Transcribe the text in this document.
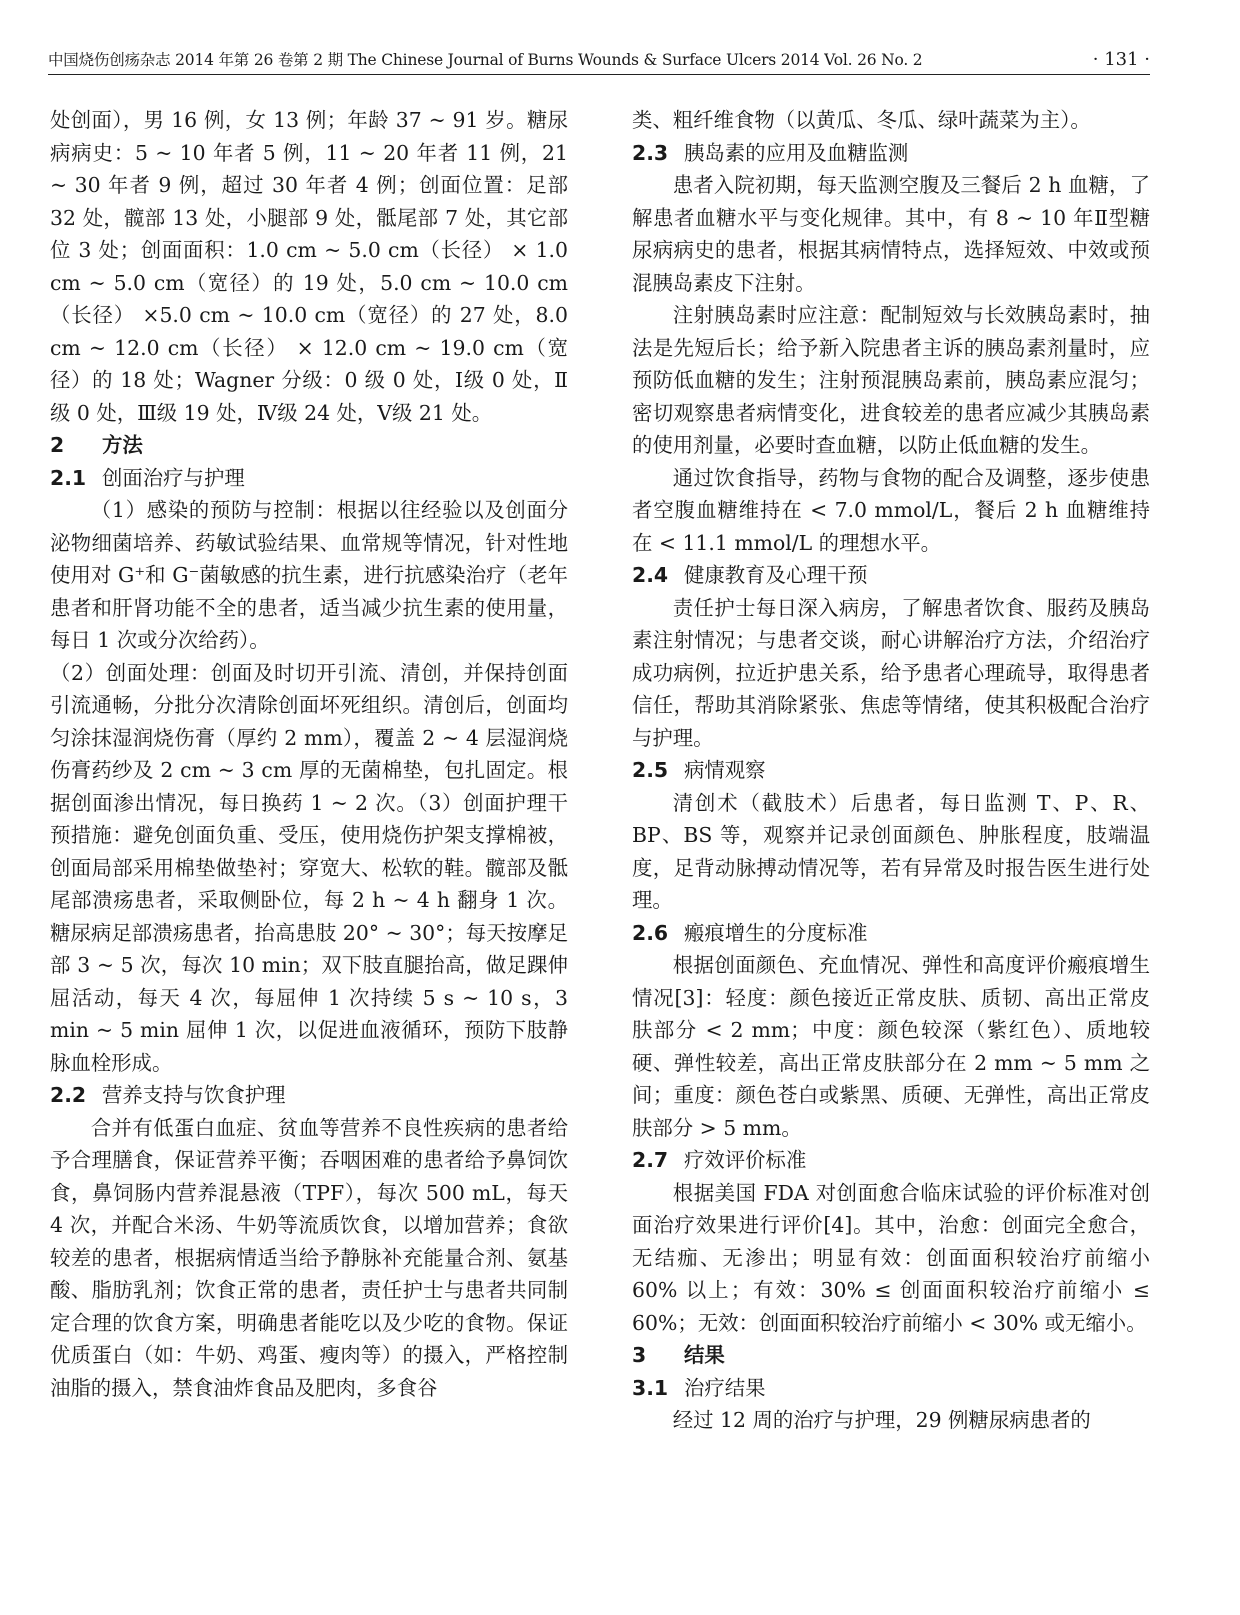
中国烧伤创疡杂志 2014 年第 26 卷第 2 期 The Chinese Journal of Burns Wounds & Surface Ulcers 2014 Vol. 26 No. 2	· 131 ·

处创面），男 16 例，女 13 例；年龄 37 ~ 91 岁。糖尿病病史：5 ~ 10 年者 5 例，11 ~ 20 年者 11 例，21 ~ 30 年者 9 例，超过 30 年者 4 例；创面位置：足部 32 处，髋部 13 处，小腿部 9 处，骶尾部 7 处，其它部位 3 处；创面面积：1.0 cm ~ 5.0 cm（长径） × 1.0 cm ~ 5.0 cm（宽径）的 19 处，5.0 cm ~ 10.0 cm（长径） ×5.0 cm ~ 10.0 cm（宽径）的 27 处，8.0 cm ~ 12.0 cm（长径） × 12.0 cm ~ 19.0 cm（宽径）的 18 处；Wagner 分级：0 级 0 处，Ⅰ级 0 处，Ⅱ级 0 处，Ⅲ级 19 处，Ⅳ级 24 处，Ⅴ级 21 处。

2 方法
2.1 创面治疗与护理

（1）感染的预防与控制：根据以往经验以及创面分泌物细菌培养、药敏试验结果、血常规等情况，针对性地使用对 G⁺和 G⁻菌敏感的抗生素，进行抗感染治疗（老年患者和肝肾功能不全的患者，适当减少抗生素的使用量，每日 1 次或分次给药）。

（2）创面处理：创面及时切开引流、清创，并保持创面引流通畅，分批分次清除创面坏死组织。清创后，创面均匀涂抹湿润烧伤膏（厚约 2 mm），覆盖 2 ~ 4 层湿润烧伤膏药纱及 2 cm ~ 3 cm 厚的无菌棉垫，包扎固定。根据创面渗出情况，每日换药 1 ~ 2 次。（3）创面护理干预措施：避免创面负重、受压，使用烧伤护架支撑棉被，创面局部采用棉垫做垫衬；穿宽大、松软的鞋。髋部及骶尾部溃疡患者，采取侧卧位，每 2 h ~ 4 h 翻身 1 次。糖尿病足部溃疡患者，抬高患肢 20° ~ 30°；每天按摩足部 3 ~ 5 次，每次 10 min；双下肢直腿抬高，做足踝伸屈活动，每天 4 次，每屈伸 1 次持续 5 s ~ 10 s，3 min ~ 5 min 屈伸 1 次，以促进血液循环，预防下肢静脉血栓形成。

2.2 营养支持与饮食护理

合并有低蛋白血症、贫血等营养不良性疾病的患者给予合理膳食，保证营养平衡；吞咽困难的患者给予鼻饲饮食，鼻饲肠内营养混悬液（TPF），每次 500 mL，每天 4 次，并配合米汤、牛奶等流质饮食，以增加营养；食欲较差的患者，根据病情适当给予静脉补充能量合剂、氨基酸、脂肪乳剂；饮食正常的患者，责任护士与患者共同制定合理的饮食方案，明确患者能吃以及少吃的食物。保证优质蛋白（如：牛奶、鸡蛋、瘦肉等）的摄入，严格控制油脂的摄入，禁食油炸食品及肥肉，多食谷

类、粗纤维食物（以黄瓜、冬瓜、绿叶蔬菜为主）。

2.3 胰岛素的应用及血糖监测

患者入院初期，每天监测空腹及三餐后 2 h 血糖，了解患者血糖水平与变化规律。其中，有 8 ~ 10 年Ⅱ型糖尿病病史的患者，根据其病情特点，选择短效、中效或预混胰岛素皮下注射。

注射胰岛素时应注意：配制短效与长效胰岛素时，抽法是先短后长；给予新入院患者主诉的胰岛素剂量时，应预防低血糖的发生；注射预混胰岛素前，胰岛素应混匀；密切观察患者病情变化，进食较差的患者应减少其胰岛素的使用剂量，必要时查血糖，以防止低血糖的发生。

通过饮食指导，药物与食物的配合及调整，逐步使患者空腹血糖维持在 < 7.0 mmol/L，餐后 2 h 血糖维持在 < 11.1 mmol/L 的理想水平。

2.4 健康教育及心理干预

责任护士每日深入病房，了解患者饮食、服药及胰岛素注射情况；与患者交谈，耐心讲解治疗方法，介绍治疗成功病例，拉近护患关系，给予患者心理疏导，取得患者信任，帮助其消除紧张、焦虑等情绪，使其积极配合治疗与护理。

2.5 病情观察

清创术（截肢术）后患者，每日监测 T、P、R、BP、BS 等，观察并记录创面颜色、肿胀程度，肢端温度，足背动脉搏动情况等，若有异常及时报告医生进行处理。

2.6 瘢痕增生的分度标准

根据创面颜色、充血情况、弹性和高度评价瘢痕增生情况[3]：轻度：颜色接近正常皮肤、质韧、高出正常皮肤部分 < 2 mm；中度：颜色较深（紫红色）、质地较硬、弹性较差，高出正常皮肤部分在 2 mm ~ 5 mm 之间；重度：颜色苍白或紫黑、质硬、无弹性，高出正常皮肤部分 > 5 mm。

2.7 疗效评价标准

根据美国 FDA 对创面愈合临床试验的评价标准对创面治疗效果进行评价[4]。其中，治愈：创面完全愈合，无结痂、无渗出；明显有效：创面面积较治疗前缩小 60% 以上；有效：30% ≤ 创面面积较治疗前缩小 ≤ 60%；无效：创面面积较治疗前缩小 < 30% 或无缩小。

3 结果
3.1 治疗结果

经过 12 周的治疗与护理，29 例糖尿病患者的
